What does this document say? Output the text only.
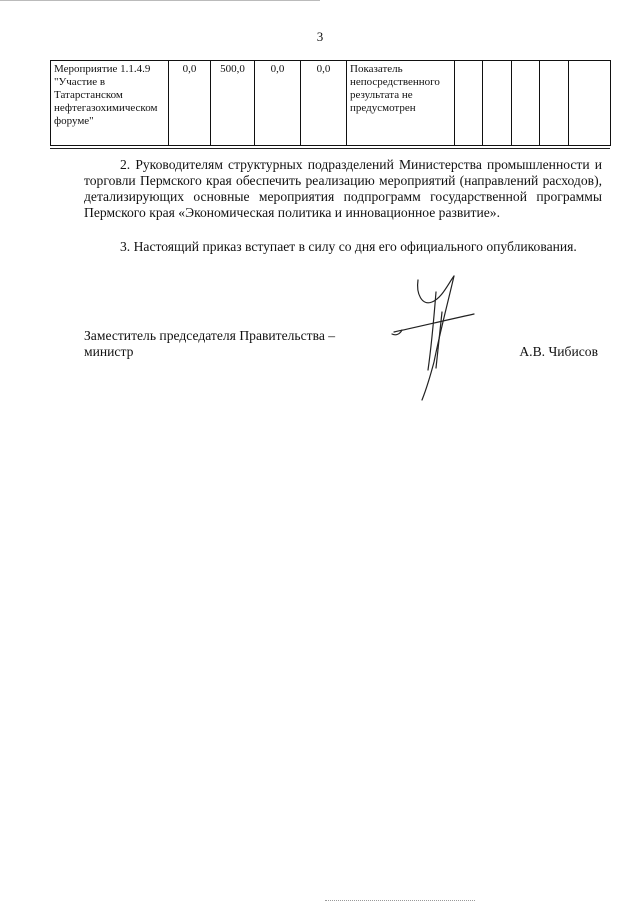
3
Мероприятие 1.1.4.9 "Участие в Татарстанском нефтегазохимическом форуме"	0,0	500,0	0,0	0,0	Показатель непосредственного результата не предусмотрен					
2. Руководителям структурных подразделений Министерства промышленности и торговли Пермского края обеспечить реализацию мероприятий (направлений расходов), детализирующих основные мероприятия подпрограмм государственной программы Пермского края «Экономическая политика и инновационное развитие».
3. Настоящий приказ вступает в силу со дня его официального опубликования.
Заместитель председателя Правительства –
министр	А.В. Чибисов
